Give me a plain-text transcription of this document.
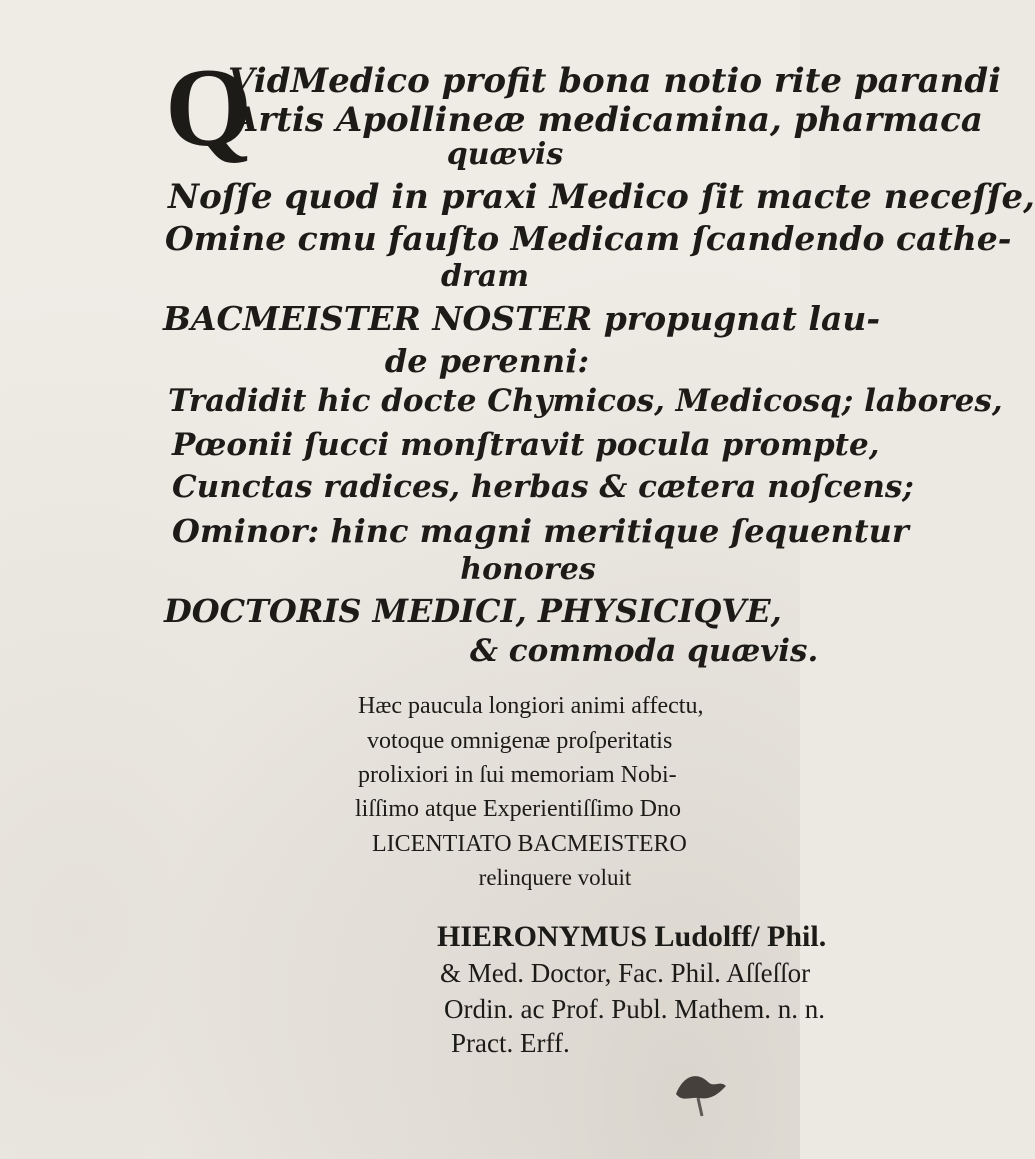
Q
VidMedico profit bona notio rite parandi
Artis Apollineæ medicamina, pharmaca
quævis
Noſſe quod in praxi Medico ſit macte neceſſe,
Omine cmu fauſto Medicam ſcandendo cathe-
dram
BACMEISTER NOSTER propugnat lau-
de perenni:
Tradidit hic docte Chymicos, Medicosq; labores,
Pœonii ſucci monſtravit pocula prompte,
Cunctas radices, herbas & cætera noſcens;
Ominor: hinc magni meritique ſequentur
honores
DOCTORIS MEDICI, PHYSICIQVE,
& commoda quævis.
Hæc paucula longiori animi affectu,
votoque omnigenæ proſperitatis
prolixiori in ſui memoriam Nobi-
liſſimo atque Experientiſſimo Dno
LICENTIATO BACMEISTERO
relinquere voluit
HIERONYMUS Ludolff/ Phil.
& Med. Doctor, Fac. Phil. Aſſeſſor
Ordin. ac Prof. Publ. Mathem. n. n.
Pract. Erff.
